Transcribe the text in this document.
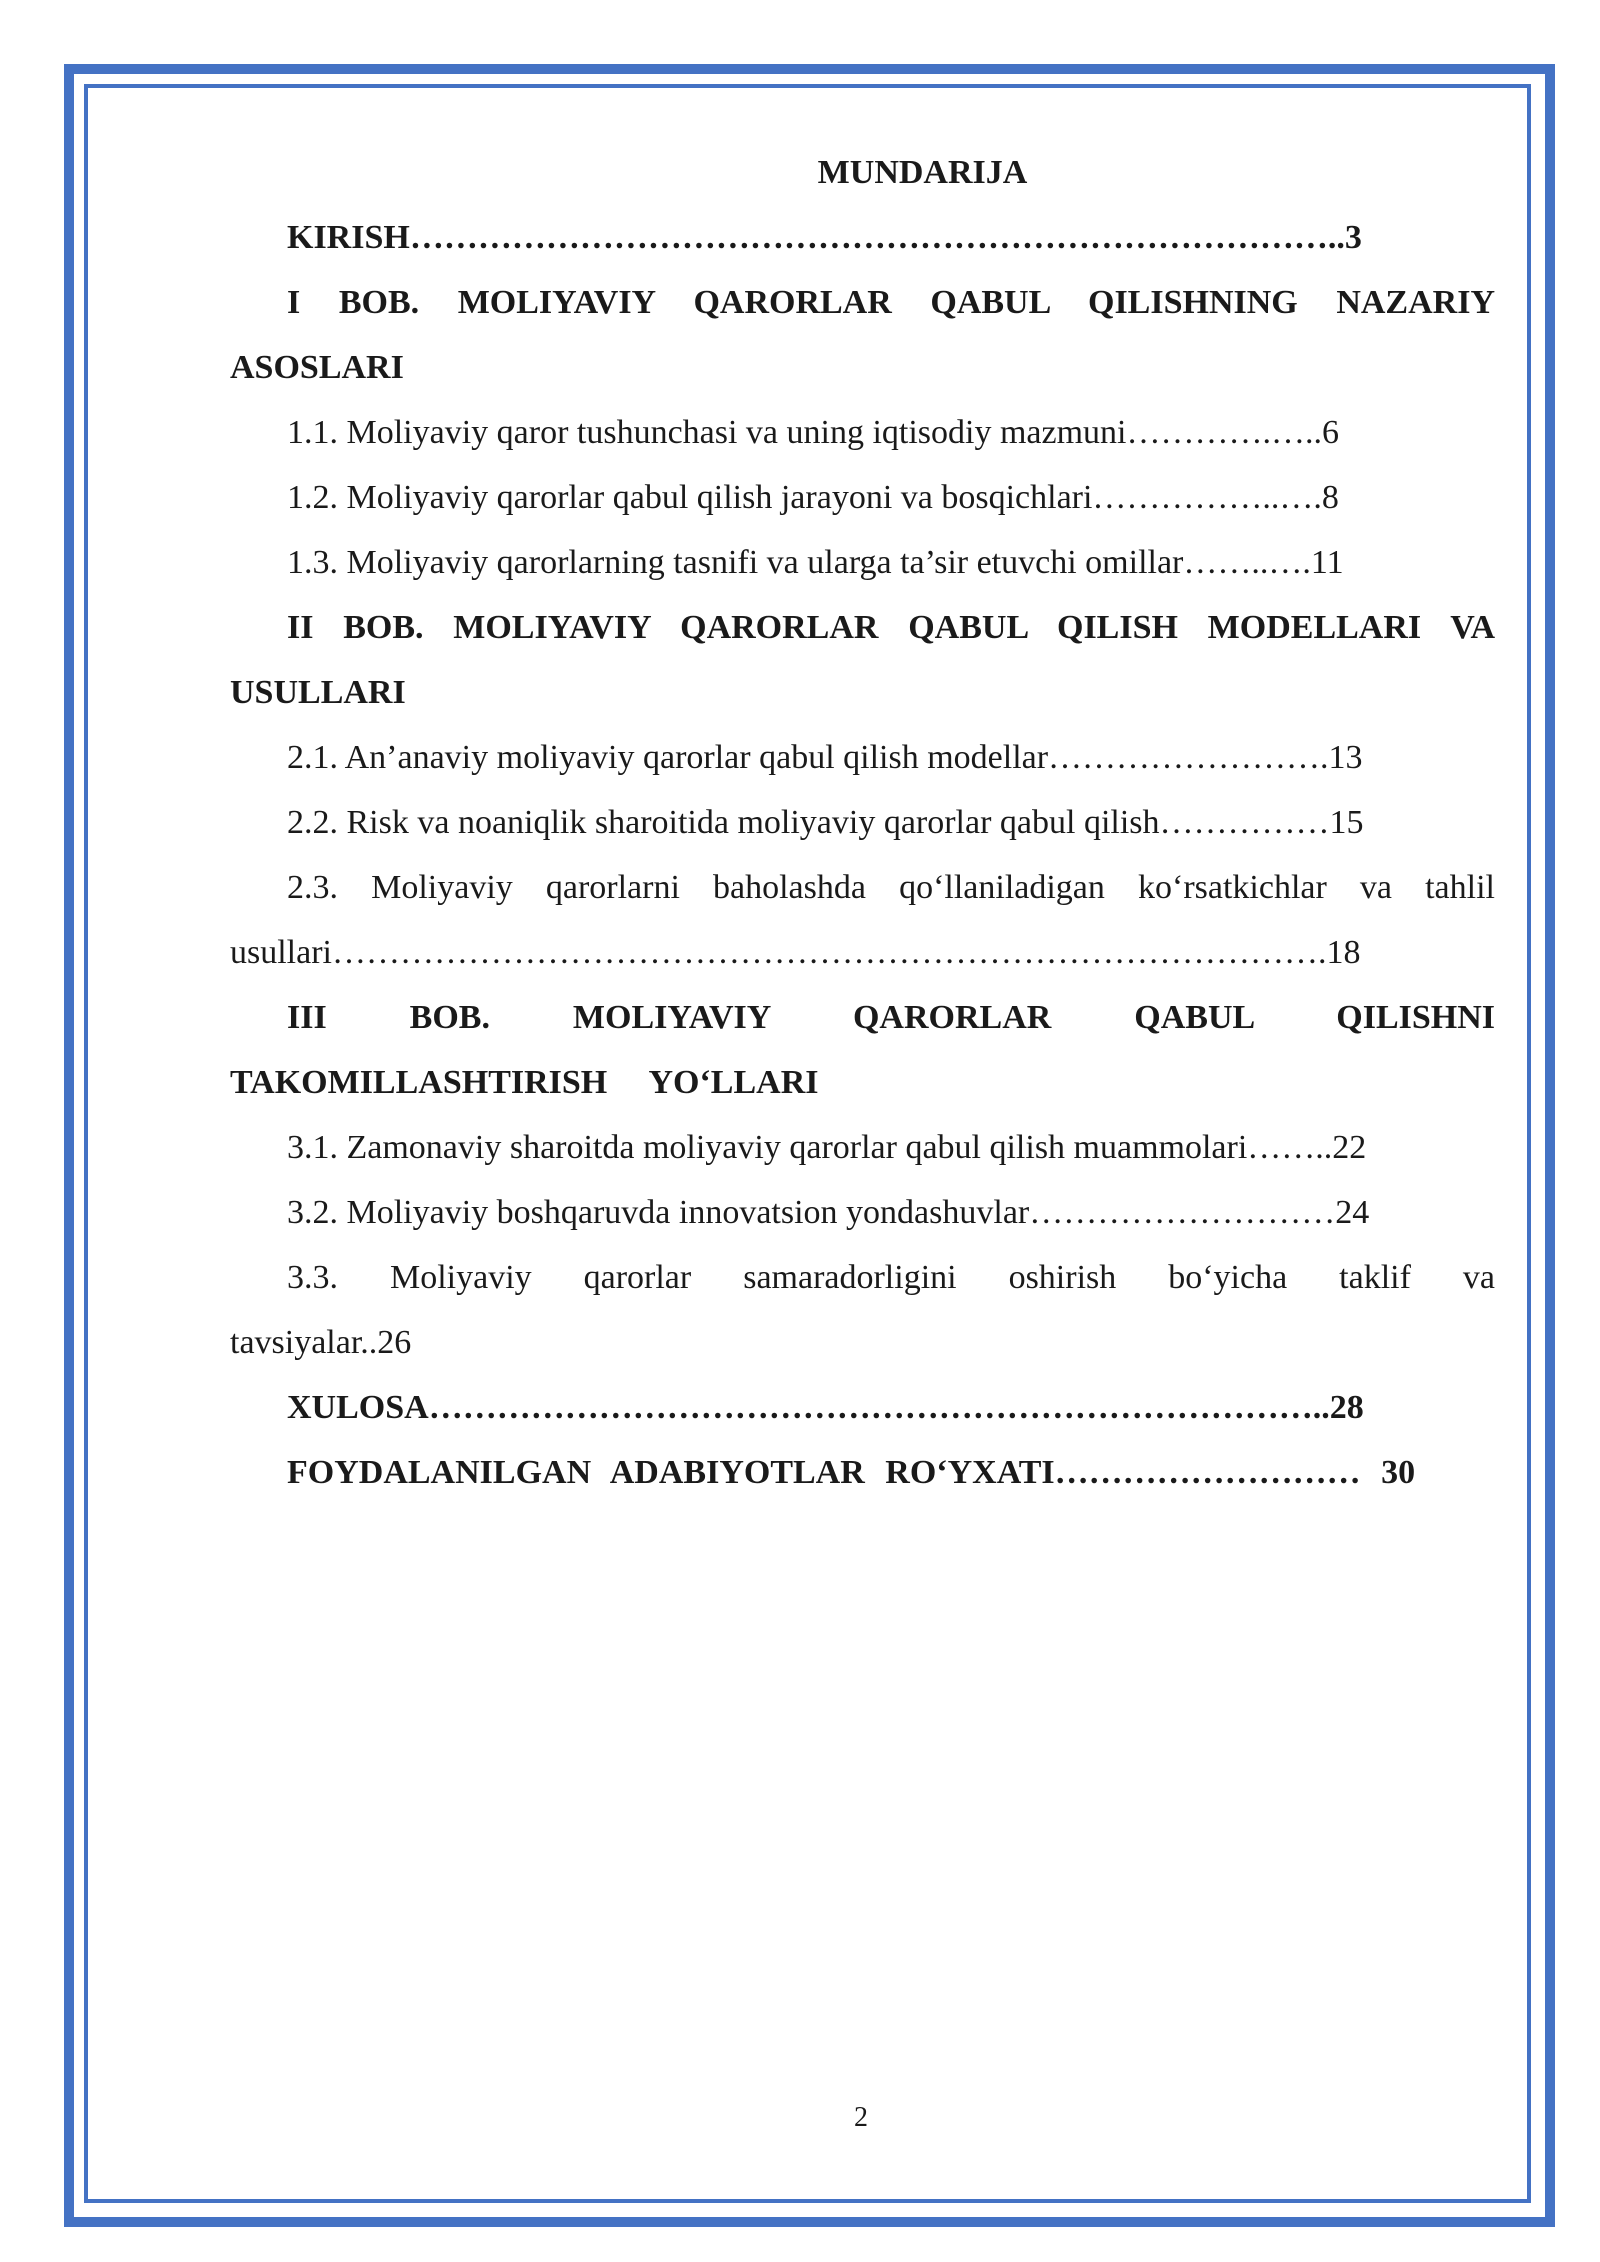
MUNDARIJA
KIRISH………………………………………………………………………..3
I BOB. MOLIYAVIY QARORLAR QABUL QILISHNING NAZARIY ASOSLARI
1.1. Moliyaviy qaror tushunchasi va uning iqtisodiy mazmuni………….…..6
1.2. Moliyaviy qarorlar qabul qilish jarayoni va bosqichlari……………..….8
1.3. Moliyaviy qarorlarning tasnifi va ularga ta’sir etuvchi omillar……..….11
II BOB. MOLIYAVIY QARORLAR QABUL QILISH MODELLARI VA USULLARI
2.1. An’anaviy moliyaviy qarorlar qabul qilish modellar…………………….13
2.2. Risk va noaniqlik sharoitida moliyaviy qarorlar qabul qilish……………15
2.3. Moliyaviy qarorlarni baholashda qo‘llaniladigan ko‘rsatkichlar va tahlil usullari…………………………………………………………………………….18
III BOB. MOLIYAVIY QARORLAR QABUL QILISHNI TAKOMILLASHTIRISH YO‘LLARI
3.1. Zamonaviy sharoitda moliyaviy qarorlar qabul qilish muammolari……..22
3.2. Moliyaviy boshqaruvda innovatsion yondashuvlar………………………24
3.3. Moliyaviy qarorlar samaradorligini oshirish bo‘yicha taklif va tavsiyalar..26
XULOSA……………………………………………………………………..28
FOYDALANILGAN ADABIYOTLAR RO‘YXATI……………………… 30
2
